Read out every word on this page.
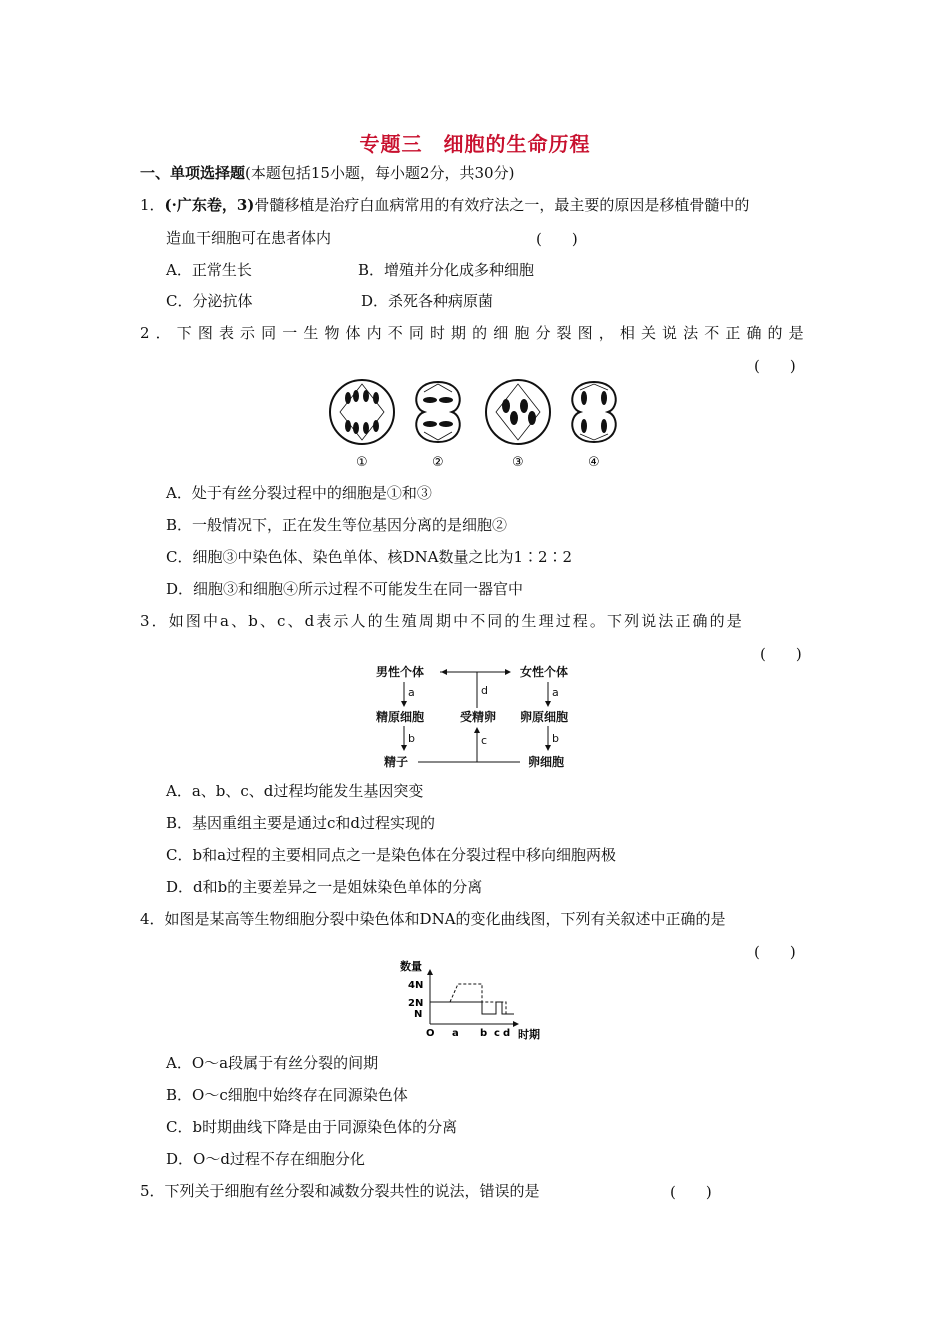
专题三　细胞的生命历程
一、单项选择题(本题包括15小题，每小题2分，共30分)
1．(·广东卷，3)骨髓移植是治疗白血病常用的有效疗法之一，最主要的原因是移植骨髓中的
造血干细胞可在患者体内	(　　)
A．正常生长	B．增殖并分化成多种细胞
C．分泌抗体	D．杀死各种病原菌
2．下图表示同一生物体内不同时期的细胞分裂图，相关说法不正确的是
(　　)
①	②	③	④
A．处于有丝分裂过程中的细胞是①和③
B．一般情况下，正在发生等位基因分离的是细胞②
C．细胞③中染色体、染色单体、核DNA数量之比为1∶2∶2
D．细胞③和细胞④所示过程不可能发生在同一器官中
3．如图中a、b、c、d表示人的生殖周期中不同的生理过程。下列说法正确的是
(　　)
男性个体	女性个体
精原细胞	受精卵 卵原细胞
精子	卵细胞
a	a
d
b	b
c
A．a、b、c、d过程均能发生基因突变
B．基因重组主要是通过c和d过程实现的
C．b和a过程的主要相同点之一是染色体在分裂过程中移向细胞两极
D．d和b的主要差异之一是姐妹染色单体的分离
4．如图是某高等生物细胞分裂中染色体和DNA的变化曲线图，下列有关叙述中正确的是
(　　)
数量
时期
4N
2N
N
O a b c d
A．O～a段属于有丝分裂的间期
B．O～c细胞中始终存在同源染色体
C．b时期曲线下降是由于同源染色体的分离
D．O～d过程不存在细胞分化
5．下列关于细胞有丝分裂和减数分裂共性的说法，错误的是	(　　)
